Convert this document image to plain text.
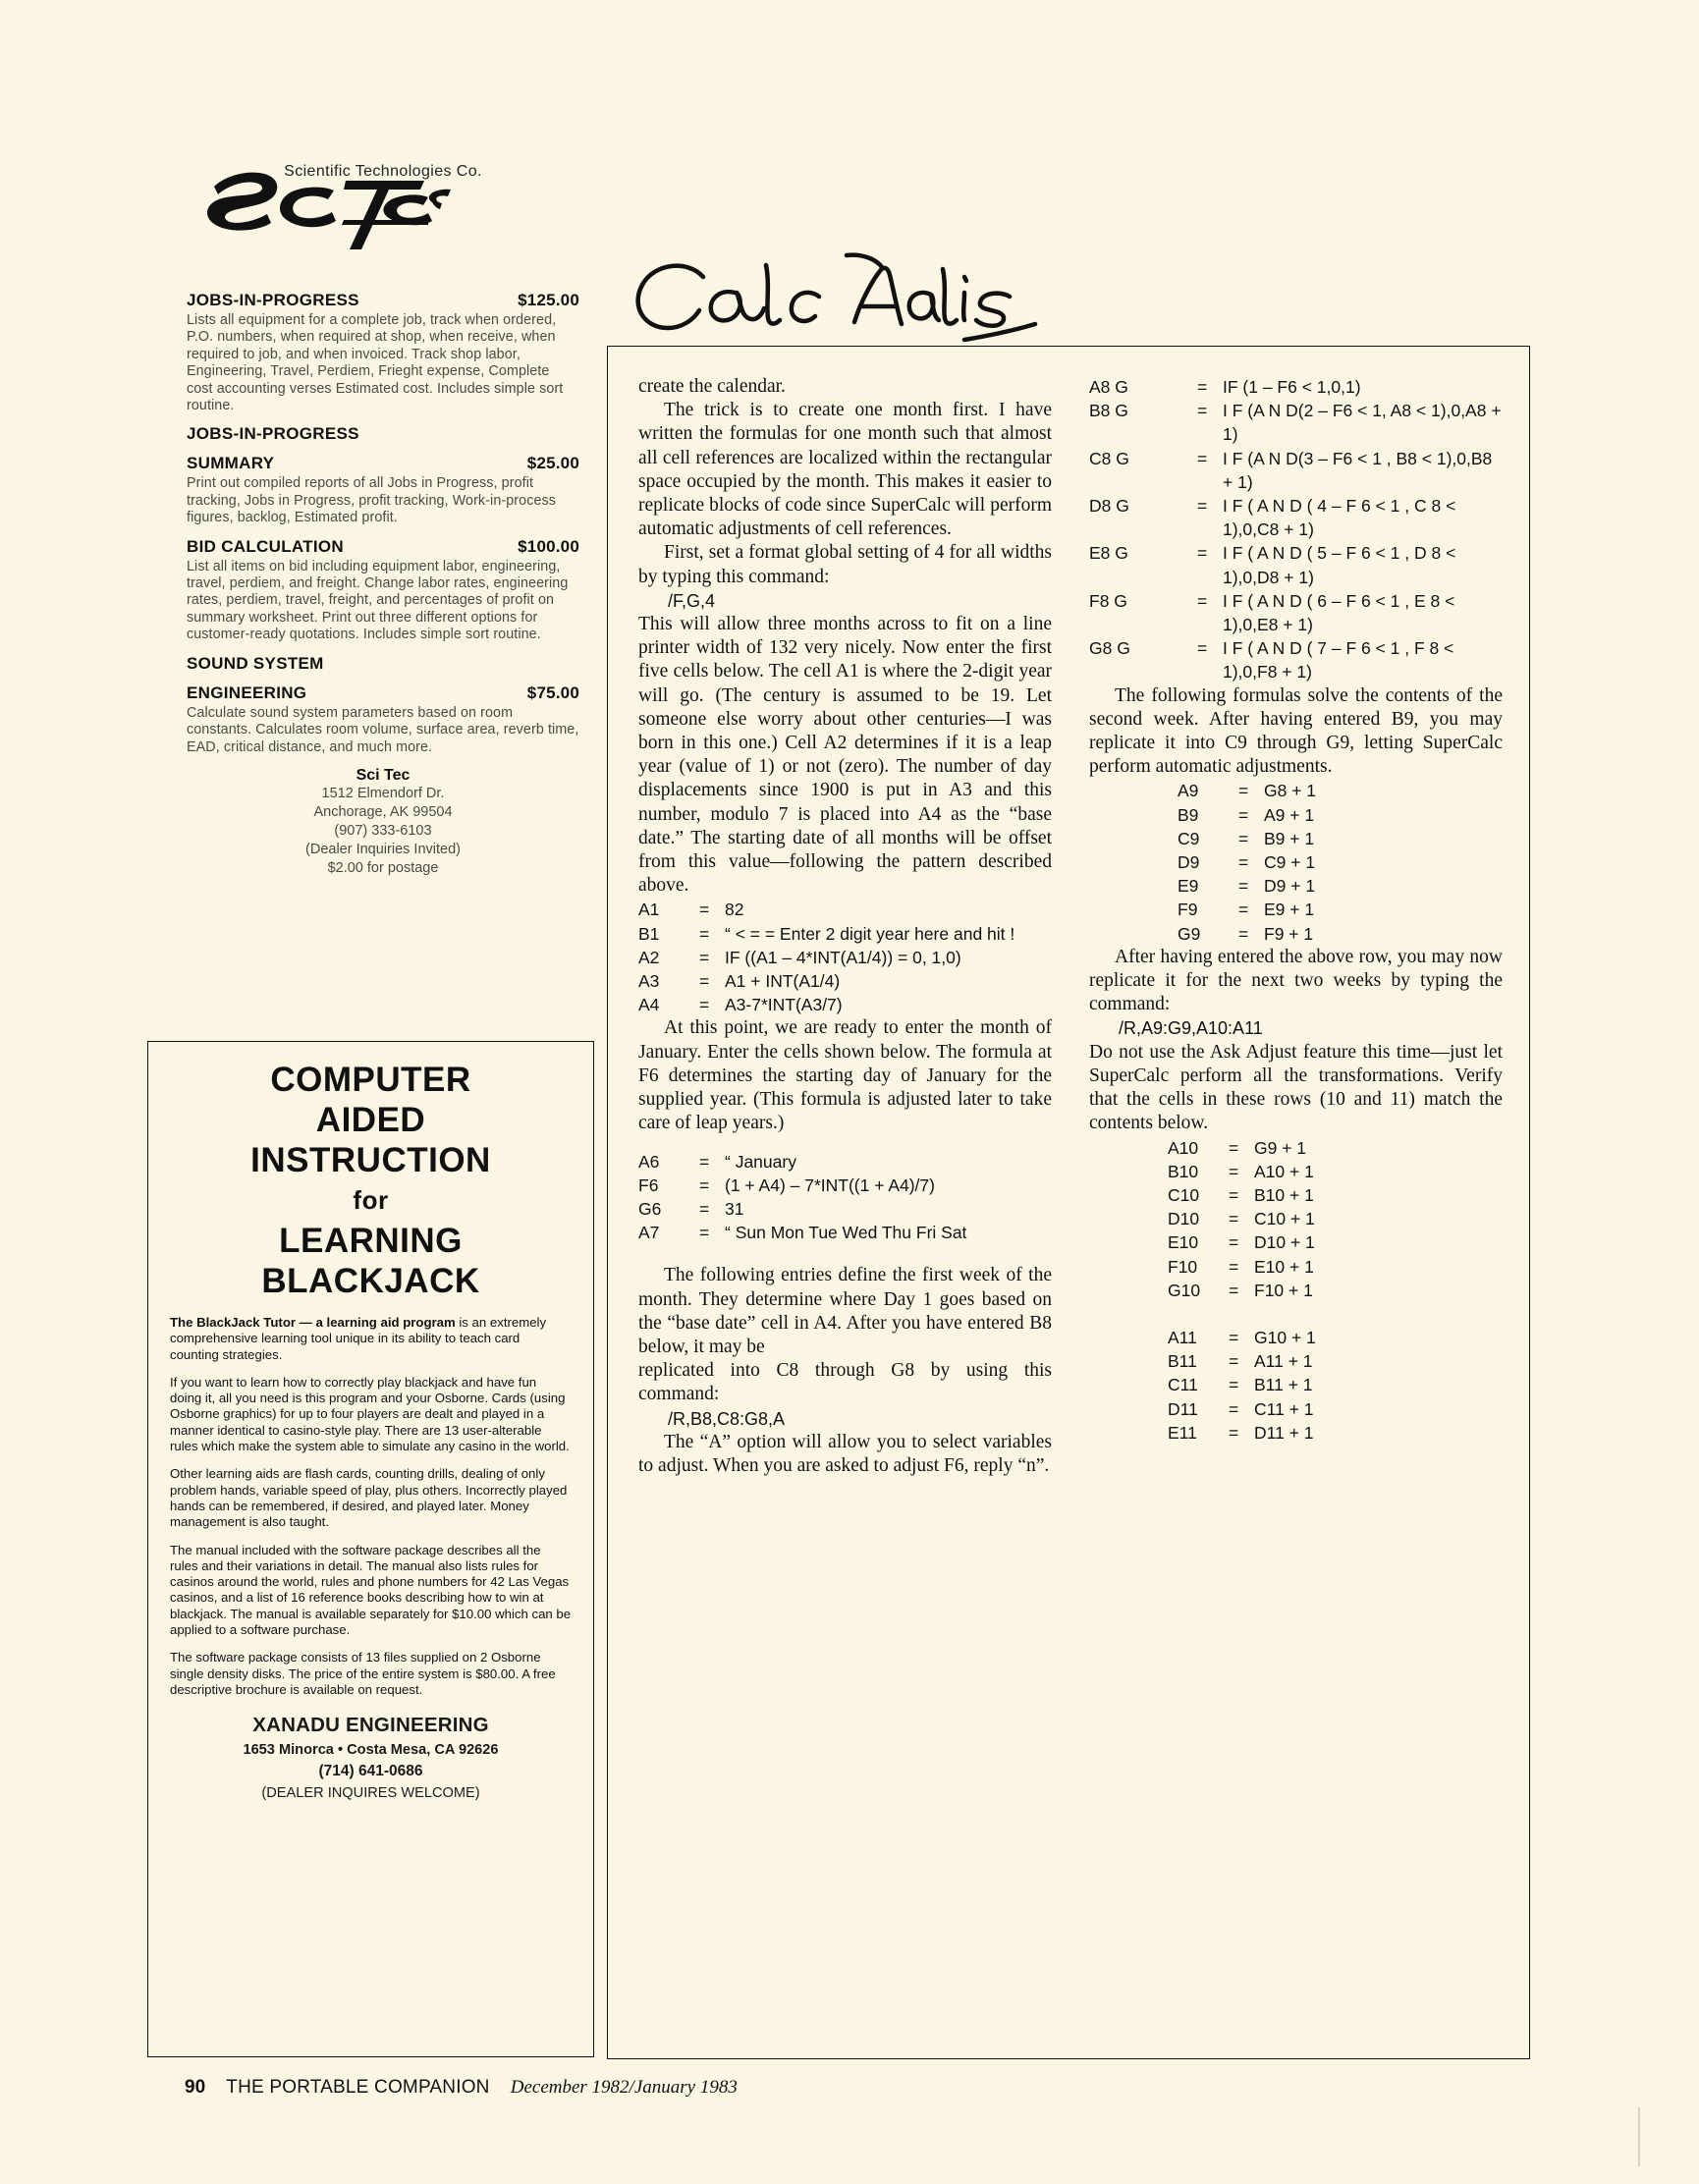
Scientific Technologies Co.
JOBS-IN-PROGRESS	$125.00
Lists all equipment for a complete job, track when ordered, P.O. numbers, when required at shop, when receive, when required to job, and when invoiced. Track shop labor, Engineering, Travel, Perdiem, Frieght expense, Complete cost accounting verses Estimated cost. Includes simple sort routine.
JOBS-IN-PROGRESS
SUMMARY	$25.00
Print out compiled reports of all Jobs in Progress, profit tracking, Jobs in Progress, profit tracking, Work-in-process figures, backlog, Estimated profit.
BID CALCULATION	$100.00
List all items on bid including equipment labor, engineering, travel, perdiem, and freight. Change labor rates, engineering rates, perdiem, travel, freight, and percentages of profit on summary worksheet. Print out three different options for customer-ready quotations. Includes simple sort routine.
SOUND SYSTEM
ENGINEERING	$75.00
Calculate sound system parameters based on room constants. Calculates room volume, surface area, reverb time, EAD, critical distance, and much more.
Sci Tec
1512 Elmendorf Dr.
Anchorage, AK 99504
(907) 333-6103
(Dealer Inquiries Invited)
$2.00 for postage
COMPUTER
AIDED
INSTRUCTION
for
LEARNING
BLACKJACK
The BlackJack Tutor — a learning aid program is an extremely comprehensive learning tool unique in its ability to teach card counting strategies.
If you want to learn how to correctly play blackjack and have fun doing it, all you need is this program and your Osborne. Cards (using Osborne graphics) for up to four players are dealt and played in a manner identical to casino-style play. There are 13 user-alterable rules which make the system able to simulate any casino in the world.
Other learning aids are flash cards, counting drills, dealing of only problem hands, variable speed of play, plus others. Incorrectly played hands can be remembered, if desired, and played later. Money management is also taught.
The manual included with the software package describes all the rules and their variations in detail. The manual also lists rules for casinos around the world, rules and phone numbers for 42 Las Vegas casinos, and a list of 16 reference books describing how to win at blackjack. The manual is available separately for $10.00 which can be applied to a software purchase.
The software package consists of 13 files supplied on 2 Osborne single density disks. The price of the entire system is $80.00. A free descriptive brochure is available on request.
XANADU ENGINEERING
1653 Minorca • Costa Mesa, CA 92626
(714) 641-0686
(DEALER INQUIRES WELCOME)

create the calendar.

The trick is to create one month first. I have written the formulas for one month such that almost all cell references are localized within the rectangular space occupied by the month. This makes it easier to replicate blocks of code since SuperCalc will perform automatic adjustments of cell references.

First, set a format global setting of 4 for all widths by typing this command:

/F,G,4

This will allow three months across to fit on a line printer width of 132 very nicely. Now enter the first five cells below. The cell A1 is where the 2-digit year will go. (The century is assumed to be 19. Let someone else worry about other centuries—I was born in this one.) Cell A2 determines if it is a leap year (value of 1) or not (zero). The number of day displacements since 1900 is put in A3 and this number, modulo 7 is placed into A4 as the “base date.” The starting date of all months will be offset from this value—following the pattern described above.

A1	= 82
B1	= “ < = = Enter 2 digit year here and hit !
A2	= IF ((A1 – 4*INT(A1/4)) = 0, 1,0)
A3	= A1 + INT(A1/4)
A4	= A3-7*INT(A3/7)

At this point, we are ready to enter the month of January. Enter the cells shown below. The formula at F6 determines the starting day of January for the supplied year. (This formula is adjusted later to take care of leap years.)

A6	= “ January
F6	= (1 + A4) – 7*INT((1 + A4)/7)
G6	= 31
A7	= “ Sun Mon Tue Wed Thu Fri Sat

The following entries define the first week of the month. They determine where Day 1 goes based on the “base date” cell in A4. After you have entered B8 below, it may be

replicated into C8 through G8 by using this command:

/R,B8,C8:G8,A

The “A” option will allow you to select variables to adjust. When you are asked to adjust F6, reply “n”.

A8 G	= IF (1 – F6 < 1,0,1)
B8 G	= I F (A N D(2 – F6 < 1, A8 < 1),0,A8 + 1)
C8 G	= I F (A N D(3 – F6 < 1 , B8 < 1),0,B8 + 1)
D8 G	= I F ( A N D ( 4 – F 6 < 1 , C 8 < 1),0,C8 + 1)
E8 G	= I F ( A N D ( 5 – F 6 < 1 , D 8 < 1),0,D8 + 1)
F8 G	= I F ( A N D ( 6 – F 6 < 1 , E 8 < 1),0,E8 + 1)
G8 G	= I F ( A N D ( 7 – F 6 < 1 , F 8 < 1),0,F8 + 1)

The following formulas solve the contents of the second week. After having entered B9, you may replicate it into C9 through G9, letting SuperCalc perform automatic adjustments.

A9	= G8 + 1
B9	= A9 + 1
C9	= B9 + 1
D9	= C9 + 1
E9	= D9 + 1
F9	= E9 + 1
G9	= F9 + 1

After having entered the above row, you may now replicate it for the next two weeks by typing the command:

/R,A9:G9,A10:A11

Do not use the Ask Adjust feature this time—just let SuperCalc perform all the transformations. Verify that the cells in these rows (10 and 11) match the contents below.

A10	= G9 + 1
B10	= A10 + 1
C10	= B10 + 1
D10	= C10 + 1
E10	= D10 + 1
F10	= E10 + 1
G10	= F10 + 1
A11	= G10 + 1
B11	= A11 + 1
C11	= B11 + 1
D11	= C11 + 1
E11	= D11 + 1
90 THE PORTABLE COMPANION December 1982/January 1983
